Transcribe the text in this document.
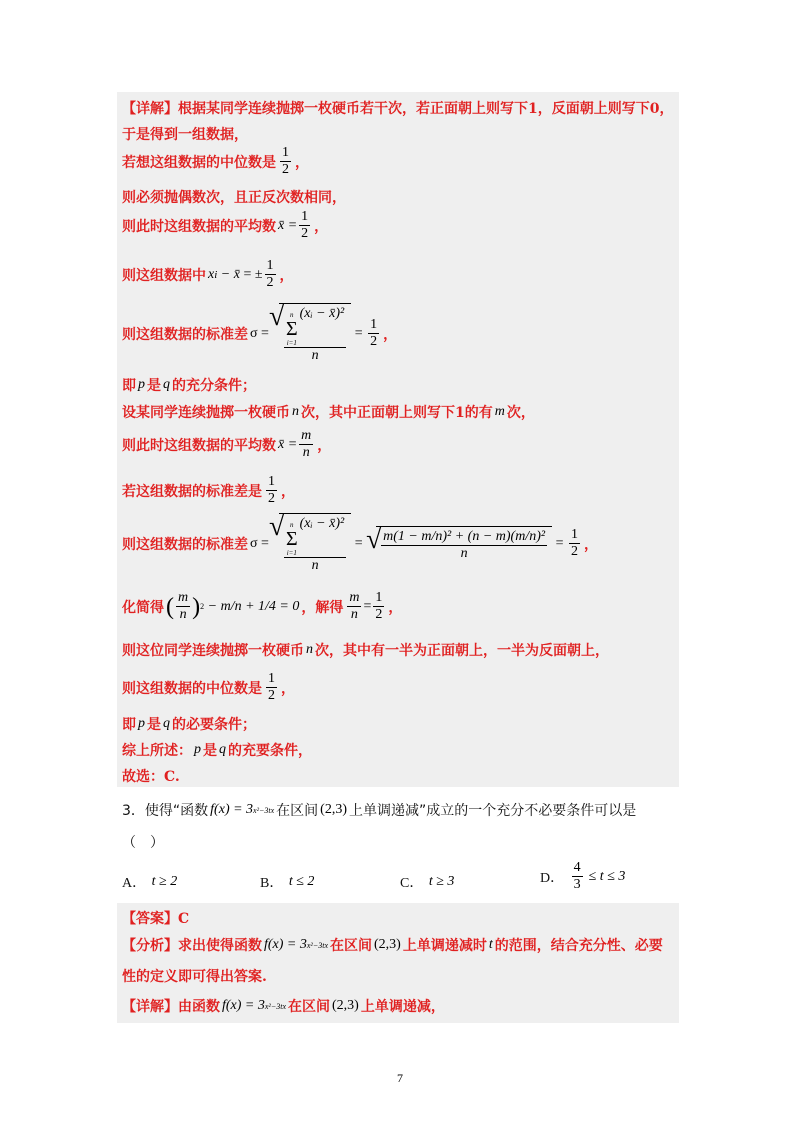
【详解】根据某同学连续抛掷一枚硬币若干次，若正面朝上则写下1，反面朝上则写下0，
于是得到一组数据，
若想这组数据的中位数是 $\frac{1}{2}$ ，
则必须抛偶数次，且正反次数相同，
则此时这组数据的平均数 x̄ = $\frac{1}{2}$ ，
则这组数据中 x i − x̄ = ± $\frac{1}{2}$ ，
则这组数据的标准差 σ =
√ n
Σ
i=1
(xᵢ − x̄)²
$n = \frac{1}{2}$ ，
即 p 是 q 的充分条件；
设某同学连续抛掷一枚硬币 n 次，其中正面朝上则写下1的有 m 次，
则此时这组数据的平均数 x̄ = $\frac{m}{n}$ ，
若这组数据的标准差是 $\frac{1}{2}$ ，
则这组数据的标准差 σ =
√ n
Σ
i=1
(xᵢ − x̄)²
n = √ $\frac{\text{m(1 − m/n)² + (n − m)(m/n)²}}{n} = \frac{1}{2}$ ，
化简得 ( $\frac{m}{n}$ ) 2
− m/n + 1/4 = 0 ，解得 $\frac{m}{n} = \frac{1}{2}$ ，
则这位同学连续抛掷一枚硬币 n 次，其中有一半为正面朝上，一半为反面朝上，
则这组数据的中位数是 $\frac{1}{2}$ ，
即 p 是 q 的必要条件；
综上所述： p 是 q 的充要条件，
故选：C.
3．使得“函数 f(x) = 3 x²−3tx 在区间 (2,3) 上单调递减”成立的一个充分不必要条件可以是
（　）
A．
t ≥ 2	B．
t ≤ 2	C．
t ≥ 3	D．
$\frac{4}{3} \le t \le 3$
【答案】C
【分析】求出使得函数 f(x) = 3 x²−3tx 在区间 (2,3) 上单调递减时 t 的范围，结合充分性、必要
性的定义即可得出答案.
【详解】由函数 f(x) = 3 x²−3tx 在区间 (2,3) 上单调递减，
7
